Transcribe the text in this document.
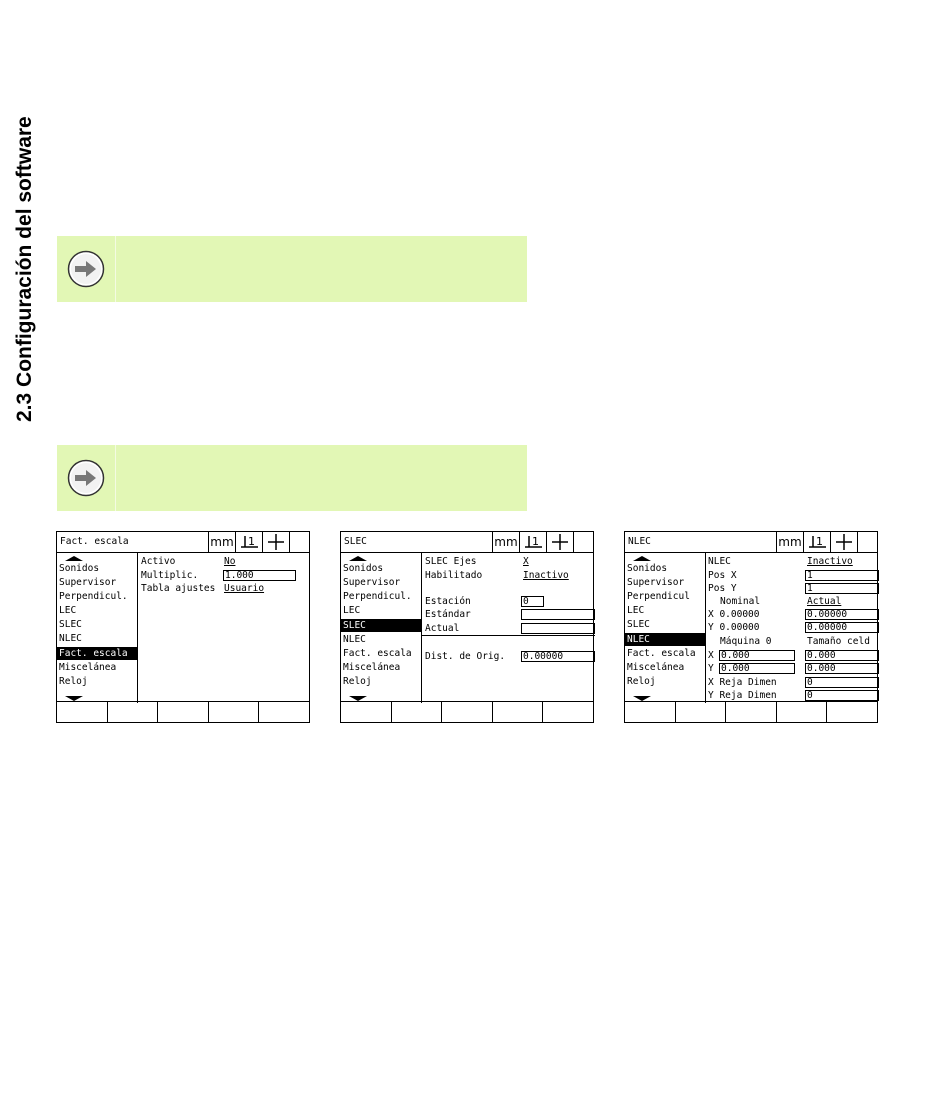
2.3 Configuración del software
Fact. escala	mm 1
Sonidos
Supervisor
Perpendicul.
LEC
SLEC
NLEC
Fact. escala
Miscelánea
Reloj
Activo	No
Multiplic.	1.000
Tabla ajustes Usuario
SLEC	mm 1
Sonidos
Supervisor
Perpendicul.
LEC
SLEC
NLEC
Fact. escala
Miscelánea
Reloj
SLEC Ejes	X
Habilitado	Inactivo
Estación	0
Estándar
Actual
Dist. de Orig. 0.00000
NLEC	mm 1
Sonidos
Supervisor
Perpendicul
LEC
SLEC
NLEC
Fact. escala
Miscelánea
Reloj
NLEC	Inactivo
Pos X	1
Pos Y	1
Nominal	Actual
X 0.00000	0.00000
Y 0.00000	0.00000
Máquina 0	Tamaño celd
X 0.000	0.000
Y 0.000	0.000
X Reja Dimen	0
Y Reja Dimen	0
